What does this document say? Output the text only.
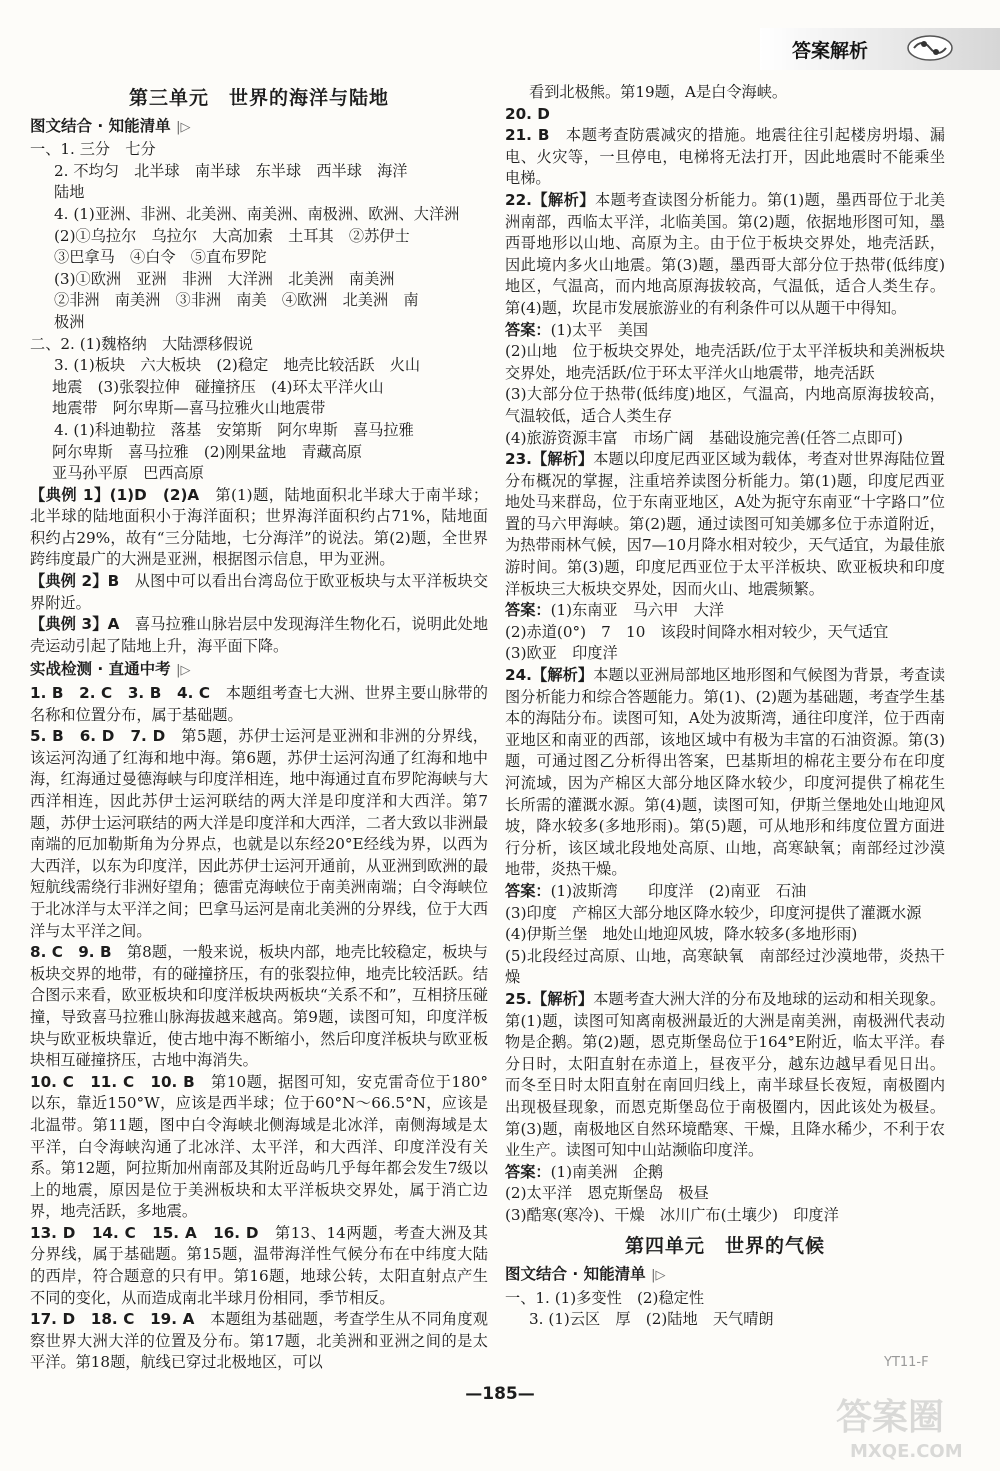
答案解析
第三单元　世界的海洋与陆地
图文结合 · 知能清单 |▷
一、1. 三分　七分
2. 不均匀　北半球　南半球　东半球　西半球　海洋
陆地
4. (1)亚洲、非洲、北美洲、南美洲、南极洲、欧洲、大洋洲
(2)①乌拉尔　乌拉尔　大高加索　土耳其　②苏伊士
③巴拿马　④白令　⑤直布罗陀
(3)①欧洲　亚洲　非洲　大洋洲　北美洲　南美洲
②非洲　南美洲　③非洲　南美　④欧洲　北美洲　南
极洲
二、2. (1)魏格纳　大陆漂移假说
3. (1)板块　六大板块　(2)稳定　地壳比较活跃　火山
地震　(3)张裂拉伸　碰撞挤压　(4)环太平洋火山
地震带　阿尔卑斯—喜马拉雅火山地震带
4. (1)科迪勒拉　落基　安第斯　阿尔卑斯　喜马拉雅
阿尔卑斯　喜马拉雅　(2)刚果盆地　青藏高原
亚马孙平原　巴西高原
【典例 1】(1)D　(2)A　第(1)题，陆地面积北半球大于南半球；北半球的陆地面积小于海洋面积；世界海洋面积约占71%，陆地面积约占29%，故有“三分陆地，七分海洋”的说法。第(2)题，全世界跨纬度最广的大洲是亚洲，根据图示信息，甲为亚洲。
【典例 2】B　从图中可以看出台湾岛位于欧亚板块与太平洋板块交界附近。
【典例 3】A　喜马拉雅山脉岩层中发现海洋生物化石，说明此处地壳运动引起了陆地上升，海平面下降。
实战检测 · 直通中考 |▷
1. B　2. C　3. B　4. C　本题组考查七大洲、世界主要山脉带的名称和位置分布，属于基础题。
5. B　6. D　7. D　第5题，苏伊士运河是亚洲和非洲的分界线，该运河沟通了红海和地中海。第6题，苏伊士运河沟通了红海和地中海，红海通过曼德海峡与印度洋相连，地中海通过直布罗陀海峡与大西洋相连，因此苏伊士运河联结的两大洋是印度洋和大西洋。第7题，苏伊士运河联结的两大洋是印度洋和大西洋，二者大致以非洲最南端的厄加勒斯角为分界点，也就是以东经20°E经线为界，以西为大西洋，以东为印度洋，因此苏伊士运河开通前，从亚洲到欧洲的最短航线需绕行非洲好望角；德雷克海峡位于南美洲南端；白令海峡位于北冰洋与太平洋之间；巴拿马运河是南北美洲的分界线，位于大西洋与太平洋之间。
8. C　9. B　第8题，一般来说，板块内部，地壳比较稳定，板块与板块交界的地带，有的碰撞挤压，有的张裂拉伸，地壳比较活跃。结合图示来看，欧亚板块和印度洋板块两板块“关系不和”，互相挤压碰撞，导致喜马拉雅山脉海拔越来越高。第9题，读图可知，印度洋板块与欧亚板块靠近，使古地中海不断缩小，然后印度洋板块与欧亚板块相互碰撞挤压，古地中海消失。
10. C　11. C　10. B　第10题，据图可知，安克雷奇位于180°以东，靠近150°W，应该是西半球；位于60°N～66.5°N，应该是北温带。第11题，图中白令海峡北侧海域是北冰洋，南侧海域是太平洋，白令海峡沟通了北冰洋、太平洋，和大西洋、印度洋没有关系。第12题，阿拉斯加州南部及其附近岛屿几乎每年都会发生7级以上的地震，原因是位于美洲板块和太平洋板块交界处，属于消亡边界，地壳活跃，多地震。
13. D　14. C　15. A　16. D　第13、14两题，考查大洲及其分界线，属于基础题。第15题，温带海洋性气候分布在中纬度大陆的西岸，符合题意的只有甲。第16题，地球公转，太阳直射点产生不同的变化，从而造成南北半球月份相同，季节相反。
17. D　18. C　19. A　本题组为基础题，考查学生从不同角度观察世界大洲大洋的位置及分布。第17题，北美洲和亚洲之间的是太平洋。第18题，航线已穿过北极地区，可以
看到北极熊。第19题，A是白令海峡。
20. D
21. B　本题考查防震减灾的措施。地震往往引起楼房坍塌、漏电、火灾等，一旦停电，电梯将无法打开，因此地震时不能乘坐电梯。
22.【解析】本题考查读图分析能力。第(1)题，墨西哥位于北美洲南部，西临太平洋，北临美国。第(2)题，依据地形图可知，墨西哥地形以山地、高原为主。由于位于板块交界处，地壳活跃，因此境内多火山地震。第(3)题，墨西哥大部分位于热带(低纬度)地区，气温高，而内地高原海拔较高，气温低，适合人类生存。第(4)题，坎昆市发展旅游业的有利条件可以从题干中得知。
答案：(1)太平　美国
(2)山地　位于板块交界处，地壳活跃/位于太平洋板块和美洲板块交界处，地壳活跃/位于环太平洋火山地震带，地壳活跃
(3)大部分位于热带(低纬度)地区，气温高，内地高原海拔较高，气温较低，适合人类生存
(4)旅游资源丰富　市场广阔　基础设施完善(任答二点即可)
23.【解析】本题以印度尼西亚区域为载体，考查对世界海陆位置分布概况的掌握，注重培养读图分析能力。第(1)题，印度尼西亚地处马来群岛，位于东南亚地区，A处为扼守东南亚“十字路口”位置的马六甲海峡。第(2)题，通过读图可知美娜多位于赤道附近，为热带雨林气候，因7—10月降水相对较少，天气适宜，为最佳旅游时间。第(3)题，印度尼西亚位于太平洋板块、欧亚板块和印度洋板块三大板块交界处，因而火山、地震频繁。
答案：(1)东南亚　马六甲　大洋
(2)赤道(0°)　7　10　该段时间降水相对较少，天气适宜
(3)欧亚　印度洋
24.【解析】本题以亚洲局部地区地形图和气候图为背景，考查读图分析能力和综合答题能力。第(1)、(2)题为基础题，考查学生基本的海陆分布。读图可知，A处为波斯湾，通往印度洋，位于西南亚地区和南亚的西部，该地区域中有极为丰富的石油资源。第(3)题，可通过图乙分析得出答案，巴基斯坦的棉花主要分布在印度河流域，因为产棉区大部分地区降水较少，印度河提供了棉花生长所需的灌溉水源。第(4)题，读图可知，伊斯兰堡地处山地迎风坡，降水较多(多地形雨)。第(5)题，可从地形和纬度位置方面进行分析，该区域北段地处高原、山地，高寒缺氧；南部经过沙漠地带，炎热干燥。
答案：(1)波斯湾　　印度洋　(2)南亚　石油
(3)印度　产棉区大部分地区降水较少，印度河提供了灌溉水源
(4)伊斯兰堡　地处山地迎风坡，降水较多(多地形雨)
(5)北段经过高原、山地，高寒缺氧　南部经过沙漠地带，炎热干燥
25.【解析】本题考查大洲大洋的分布及地球的运动和相关现象。第(1)题，读图可知离南极洲最近的大洲是南美洲，南极洲代表动物是企鹅。第(2)题，恩克斯堡岛位于164°E附近，临太平洋。春分日时，太阳直射在赤道上，昼夜平分，越东边越早看见日出。而冬至日时太阳直射在南回归线上，南半球昼长夜短，南极圈内出现极昼现象，而恩克斯堡岛位于南极圈内，因此该处为极昼。第(3)题，南极地区自然环境酷寒、干燥，且降水稀少，不利于农业生产。读图可知中山站濒临印度洋。
答案：(1)南美洲　企鹅
(2)太平洋　恩克斯堡岛　极昼
(3)酷寒(寒冷)、干燥　冰川广布(土壤少)　印度洋
第四单元　世界的气候
图文结合 · 知能清单 |▷
一、1. (1)多变性　(2)稳定性
3. (1)云区　厚　(2)陆地　天气晴朗
YT11-F
—185—
答案圈
MXQE.COM
